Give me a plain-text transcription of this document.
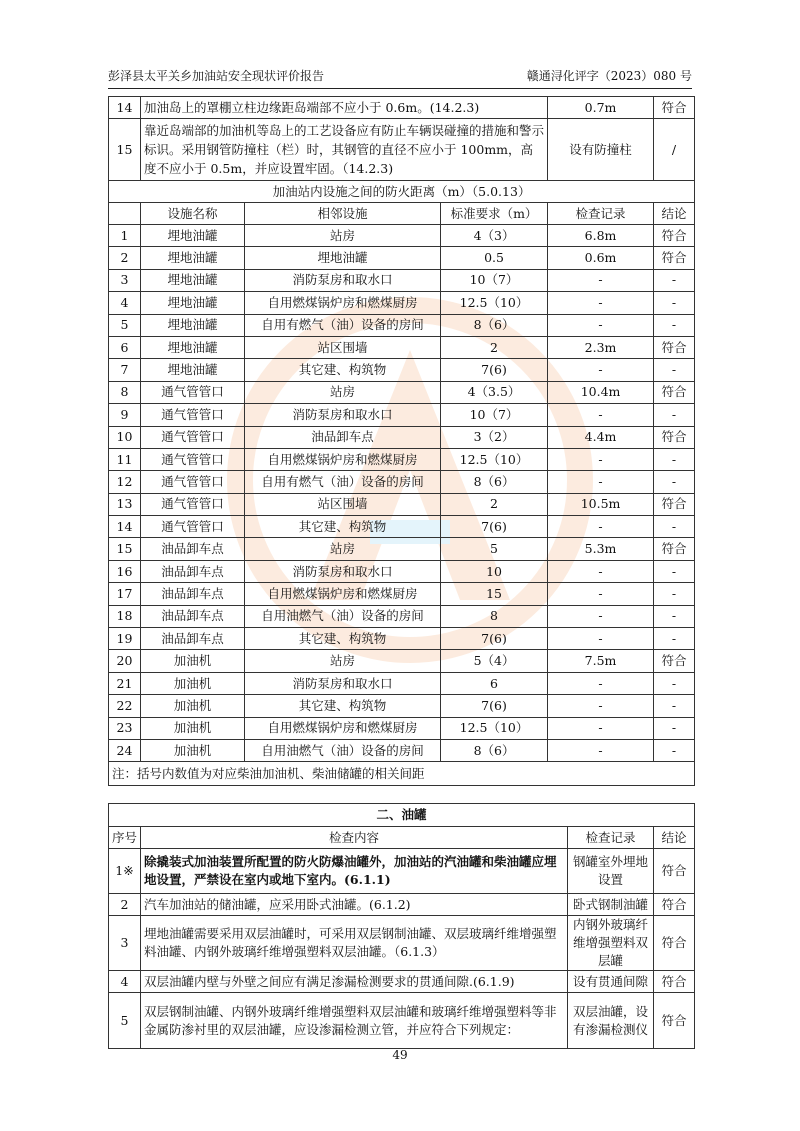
彭泽县太平关乡加油站安全现状评价报告	赣通浔化评字（2023）080 号
14	加油岛上的罩棚立柱边缘距岛端部不应小于 0.6m。(14.2.3)			0.7m	符合
15	靠近岛端部的加油机等岛上的工艺设备应有防止车辆误碰撞的措施和警示标识。采用钢管防撞柱（栏）时，其钢管的直径不应小于 100mm，高度不应小于 0.5m，并应设置牢固。（14.2.3)			设有防撞柱	/
加油站内设施之间的防火距离（m）（5.0.13）					
	设施名称	相邻设施	标准要求（m）	检查记录	结论
1	埋地油罐	站房	4（3）	6.8m	符合
2	埋地油罐	埋地油罐	0.5	0.6m	符合
3	埋地油罐	消防泵房和取水口	10（7）	-	-
4	埋地油罐	自用燃煤锅炉房和燃煤厨房	12.5（10）	-	-
5	埋地油罐	自用有燃气（油）设备的房间	8（6）	-	-
6	埋地油罐	站区围墙	2	2.3m	符合
7	埋地油罐	其它建、构筑物	7(6)	-	-
8	通气管管口	站房	4（3.5）	10.4m	符合
9	通气管管口	消防泵房和取水口	10（7）	-	-
10	通气管管口	油品卸车点	3（2）	4.4m	符合
11	通气管管口	自用燃煤锅炉房和燃煤厨房	12.5（10）	-	-
12	通气管管口	自用有燃气（油）设备的房间	8（6）	-	-
13	通气管管口	站区围墙	2	10.5m	符合
14	通气管管口	其它建、构筑物	7(6)	-	-
15	油品卸车点	站房	5	5.3m	符合
16	油品卸车点	消防泵房和取水口	10	-	-
17	油品卸车点	自用燃煤锅炉房和燃煤厨房	15	-	-
18	油品卸车点	自用油燃气（油）设备的房间	8	-	-
19	油品卸车点	其它建、构筑物	7(6)	-	-
20	加油机	站房	5（4）	7.5m	符合
21	加油机	消防泵房和取水口	6	-	-
22	加油机	其它建、构筑物	7(6)	-	-
23	加油机	自用燃煤锅炉房和燃煤厨房	12.5（10）	-	-
24	加油机	自用油燃气（油）设备的房间	8（6）	-	-
注：括号内数值为对应柴油加油机、柴油储罐的相关间距					
二、油罐			
序号	检查内容	检查记录	结论
1※	除撬装式加油装置所配置的防火防爆油罐外，加油站的汽油罐和柴油罐应埋地设置，严禁设在室内或地下室内。(6.1.1)	钢罐室外埋地设置	符合
2	汽车加油站的储油罐，应采用卧式油罐。(6.1.2)	卧式钢制油罐	符合
3	埋地油罐需要采用双层油罐时，可采用双层钢制油罐、双层玻璃纤维增强塑料油罐、内钢外玻璃纤维增强塑料双层油罐。（6.1.3）	内钢外玻璃纤维增强塑料双层罐	符合
4	双层油罐内壁与外壁之间应有满足渗漏检测要求的贯通间隙.(6.1.9)	设有贯通间隙	符合
5	双层钢制油罐、内钢外玻璃纤维增强塑料双层油罐和玻璃纤维增强塑料等非金属防渗衬里的双层油罐，应设渗漏检测立管，并应符合下列规定：	双层油罐，设有渗漏检测仪	符合
49
